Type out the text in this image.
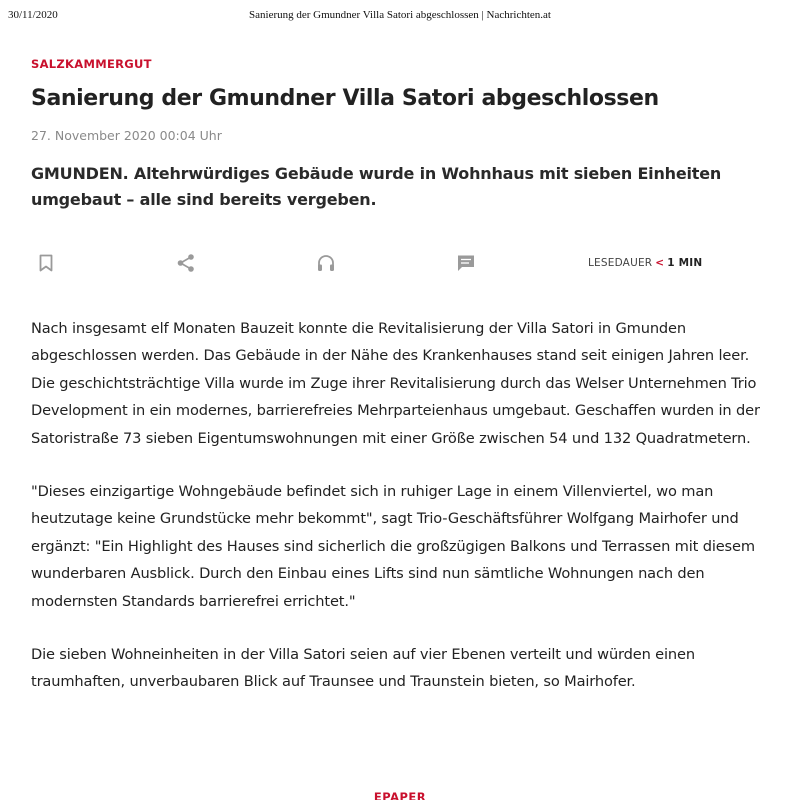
30/11/2020	Sanierung der Gmundner Villa Satori abgeschlossen | Nachrichten.at
SALZKAMMERGUT
Sanierung der Gmundner Villa Satori abgeschlossen
27. November 2020 00:04 Uhr
GMUNDEN. Altehrwürdiges Gebäude wurde in Wohnhaus mit sieben Einheiten umgebaut – alle sind bereits vergeben.
LESEDAUER < 1 MIN

Nach insgesamt elf Monaten Bauzeit konnte die Revitalisierung der Villa Satori in Gmunden abgeschlossen werden. Das Gebäude in der Nähe des Krankenhauses stand seit einigen Jahren leer. Die geschichtsträchtige Villa wurde im Zuge ihrer Revitalisierung durch das Welser Unternehmen Trio Development in ein modernes, barrierefreies Mehrparteienhaus umgebaut. Geschaffen wurden in der Satoristraße 73 sieben Eigentumswohnungen mit einer Größe zwischen 54 und 132 Quadratmetern.

"Dieses einzigartige Wohngebäude befindet sich in ruhiger Lage in einem Villenviertel, wo man heutzutage keine Grundstücke mehr bekommt", sagt Trio-Geschäftsführer Wolfgang Mairhofer und ergänzt: "Ein Highlight des Hauses sind sicherlich die großzügigen Balkons und Terrassen mit diesem wunderbaren Ausblick. Durch den Einbau eines Lifts sind nun sämtliche Wohnungen nach den modernsten Standards barrierefrei errichtet."

Die sieben Wohneinheiten in der Villa Satori seien auf vier Ebenen verteilt und würden einen traumhaften, unverbaubaren Blick auf Traunsee und Traunstein bieten, so Mairhofer.

EPAPER
